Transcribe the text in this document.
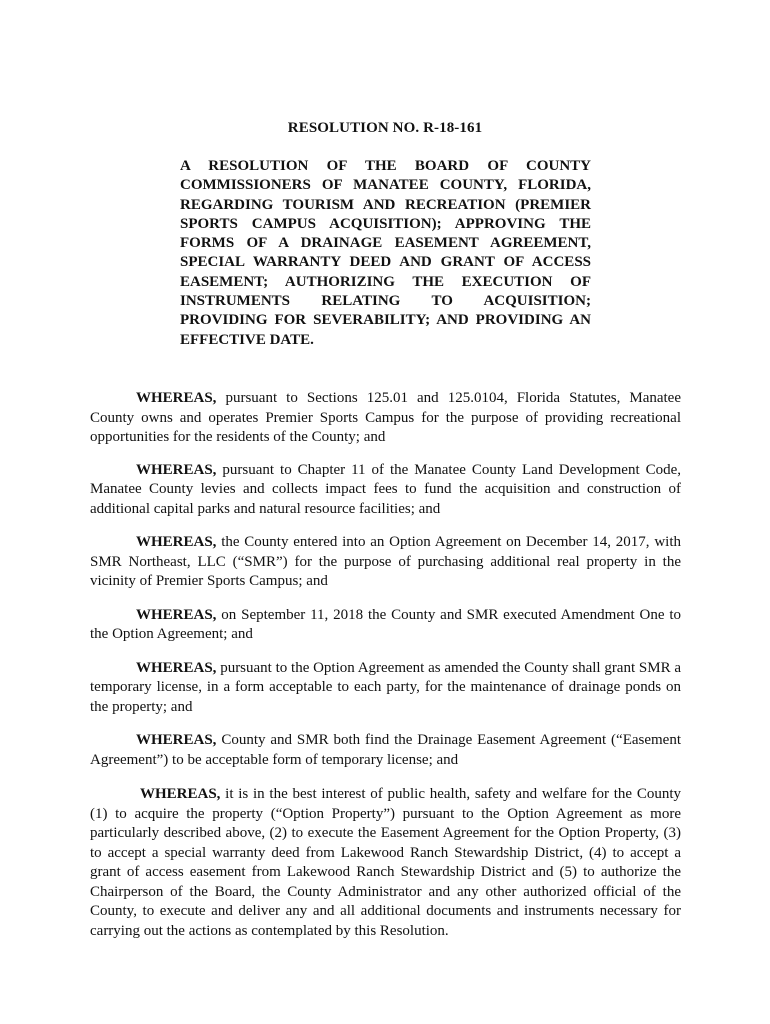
RESOLUTION NO. R-18-161

A RESOLUTION OF THE BOARD OF COUNTY COMMISSIONERS OF MANATEE COUNTY, FLORIDA, REGARDING TOURISM AND RECREATION (PREMIER SPORTS CAMPUS ACQUISITION); APPROVING THE FORMS OF A DRAINAGE EASEMENT AGREEMENT, SPECIAL WARRANTY DEED AND GRANT OF ACCESS EASEMENT; AUTHORIZING THE EXECUTION OF INSTRUMENTS RELATING TO ACQUISITION; PROVIDING FOR SEVERABILITY; AND PROVIDING AN EFFECTIVE DATE.

WHEREAS, pursuant to Sections 125.01 and 125.0104, Florida Statutes, Manatee County owns and operates Premier Sports Campus for the purpose of providing recreational opportunities for the residents of the County; and

WHEREAS, pursuant to Chapter 11 of the Manatee County Land Development Code, Manatee County levies and collects impact fees to fund the acquisition and construction of additional capital parks and natural resource facilities; and

WHEREAS, the County entered into an Option Agreement on December 14, 2017, with SMR Northeast, LLC (“SMR”) for the purpose of purchasing additional real property in the vicinity of Premier Sports Campus; and

WHEREAS, on September 11, 2018 the County and SMR executed Amendment One to the Option Agreement; and

WHEREAS, pursuant to the Option Agreement as amended the County shall grant SMR a temporary license, in a form acceptable to each party, for the maintenance of drainage ponds on the property; and

WHEREAS, County and SMR both find the Drainage Easement Agreement (“Easement Agreement”) to be acceptable form of temporary license; and

WHEREAS, it is in the best interest of public health, safety and welfare for the County (1) to acquire the property (“Option Property”) pursuant to the Option Agreement as more particularly described above, (2) to execute the Easement Agreement for the Option Property, (3) to accept a special warranty deed from Lakewood Ranch Stewardship District, (4) to accept a grant of access easement from Lakewood Ranch Stewardship District and (5) to authorize the Chairperson of the Board, the County Administrator and any other authorized official of the County, to execute and deliver any and all additional documents and instruments necessary for carrying out the actions as contemplated by this Resolution.
